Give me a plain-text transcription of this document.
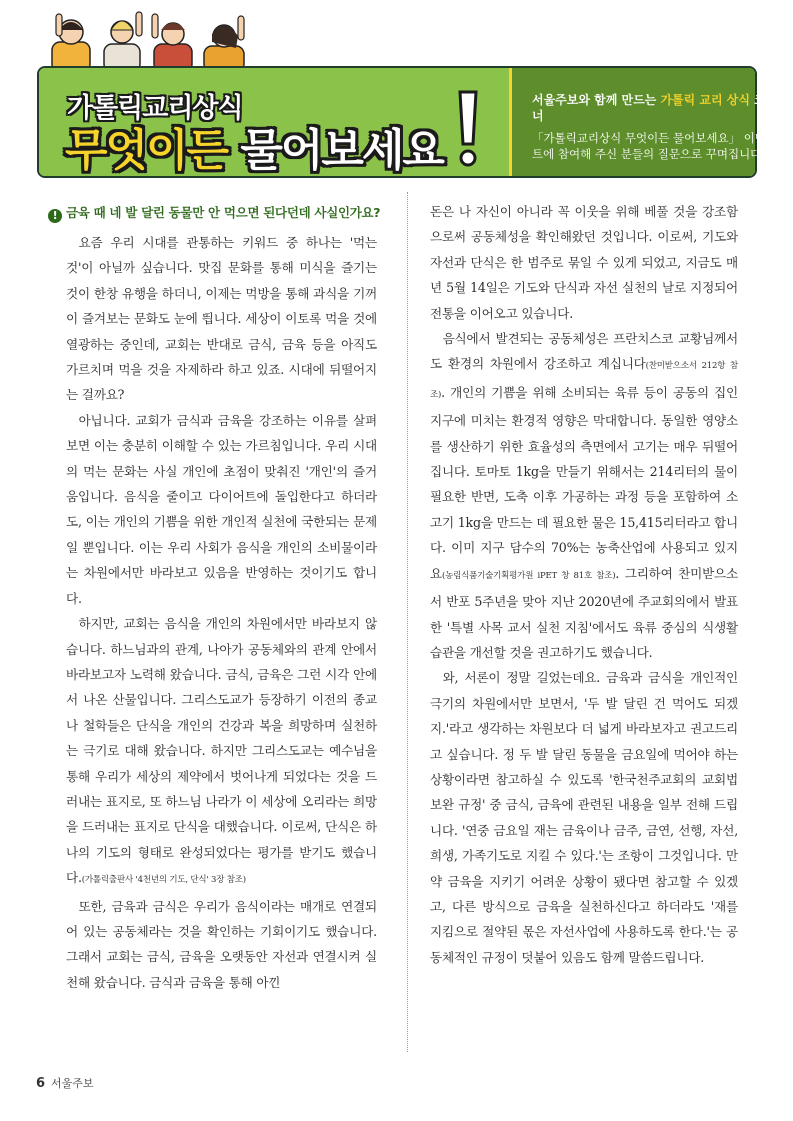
가톨릭교리상식
무엇이든 물어보세요
서울주보와 함께 만드는 가톨릭 교리 상식 코너
「가톨릭교리상식 무엇이든 물어보세요」 이벤트에 참여해 주신 분들의 질문으로 꾸며집니다.
! 금육 때 네 발 달린 동물만 안 먹으면 된다던데 사실인가요?

요즘 우리 시대를 관통하는 키워드 중 하나는 '먹는 것'이 아닐까 싶습니다. 맛집 문화를 통해 미식을 즐기는 것이 한창 유행을 하더니, 이제는 먹방을 통해 과식을 기꺼이 즐겨보는 문화도 눈에 띕니다. 세상이 이토록 먹을 것에 열광하는 중인데, 교회는 반대로 금식, 금육 등을 아직도 가르치며 먹을 것을 자제하라 하고 있죠. 시대에 뒤떨어지는 걸까요?

아닙니다. 교회가 금식과 금육을 강조하는 이유를 살펴보면 이는 충분히 이해할 수 있는 가르침입니다. 우리 시대의 먹는 문화는 사실 개인에 초점이 맞춰진 '개인'의 즐거움입니다. 음식을 줄이고 다이어트에 돌입한다고 하더라도, 이는 개인의 기쁨을 위한 개인적 실천에 국한되는 문제일 뿐입니다. 이는 우리 사회가 음식을 개인의 소비물이라는 차원에서만 바라보고 있음을 반영하는 것이기도 합니다.

하지만, 교회는 음식을 개인의 차원에서만 바라보지 않습니다. 하느님과의 관계, 나아가 공동체와의 관계 안에서 바라보고자 노력해 왔습니다. 금식, 금육은 그런 시각 안에서 나온 산물입니다. 그리스도교가 등장하기 이전의 종교나 철학들은 단식을 개인의 건강과 복을 희망하며 실천하는 극기로 대해 왔습니다. 하지만 그리스도교는 예수님을 통해 우리가 세상의 제약에서 벗어나게 되었다는 것을 드러내는 표지로, 또 하느님 나라가 이 세상에 오리라는 희망을 드러내는 표지로 단식을 대했습니다. 이로써, 단식은 하나의 기도의 형태로 완성되었다는 평가를 받기도 했습니다.(가톨릭출판사 '4천년의 기도, 단식' 3장 참조)

또한, 금육과 금식은 우리가 음식이라는 매개로 연결되어 있는 공동체라는 것을 확인하는 기회이기도 했습니다. 그래서 교회는 금식, 금육을 오랫동안 자선과 연결시켜 실천해 왔습니다. 금식과 금육을 통해 아낀

돈은 나 자신이 아니라 꼭 이웃을 위해 베풀 것을 강조함으로써 공동체성을 확인해왔던 것입니다. 이로써, 기도와 자선과 단식은 한 범주로 묶일 수 있게 되었고, 지금도 매년 5월 14일은 기도와 단식과 자선 실천의 날로 지정되어 전통을 이어오고 있습니다.

음식에서 발견되는 공동체성은 프란치스코 교황님께서도 환경의 차원에서 강조하고 계십니다(찬미받으소서 212항 참조). 개인의 기쁨을 위해 소비되는 육류 등이 공동의 집인 지구에 미치는 환경적 영향은 막대합니다. 동일한 영양소를 생산하기 위한 효율성의 측면에서 고기는 매우 뒤떨어집니다. 토마토 1kg을 만들기 위해서는 214리터의 물이 필요한 반면, 도축 이후 가공하는 과정 등을 포함하여 소고기 1kg을 만드는 데 필요한 물은 15,415리터라고 합니다. 이미 지구 담수의 70%는 농축산업에 사용되고 있지요(농림식품기술기획평가원 iPET 창 81호 참조). 그리하여 찬미받으소서 반포 5주년을 맞아 지난 2020년에 주교회의에서 발표한 '특별 사목 교서 실천 지침'에서도 육류 중심의 식생활 습관을 개선할 것을 권고하기도 했습니다.

와, 서론이 정말 길었는데요. 금육과 금식을 개인적인 극기의 차원에서만 보면서, '두 발 달린 건 먹어도 되겠지.'라고 생각하는 차원보다 더 넓게 바라보자고 권고드리고 싶습니다. 정 두 발 달린 동물을 금요일에 먹어야 하는 상황이라면 참고하실 수 있도록 '한국천주교회의 교회법 보완 규정' 중 금식, 금육에 관련된 내용을 일부 전해 드립니다. '연중 금요일 재는 금육이나 금주, 금연, 선행, 자선, 희생, 가족기도로 지킬 수 있다.'는 조항이 그것입니다. 만약 금육을 지키기 어려운 상황이 됐다면 참고할 수 있겠고, 다른 방식으로 금육을 실천하신다고 하더라도 '재를 지킴으로 절약된 몫은 자선사업에 사용하도록 한다.'는 공동체적인 규정이 덧붙어 있음도 함께 말씀드립니다.

6 서울주보
